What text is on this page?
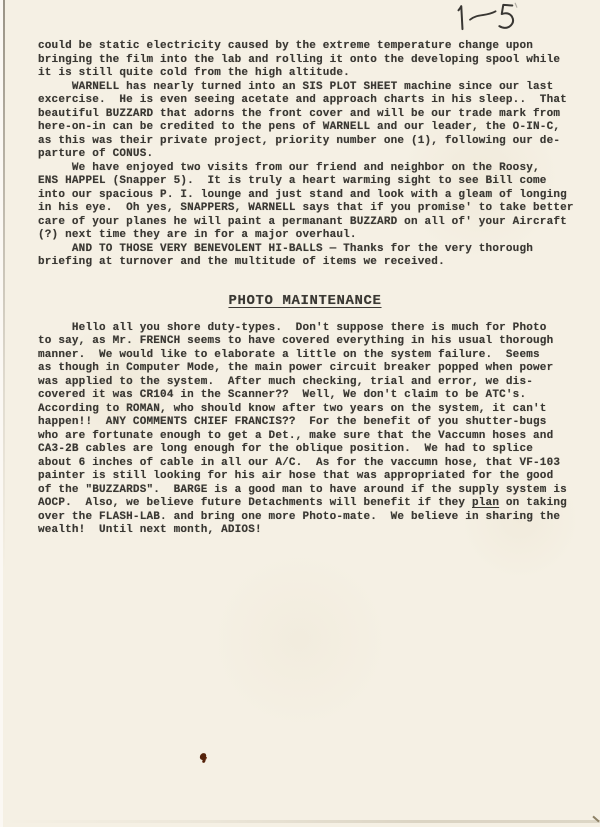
could be static electricity caused by the extreme temperature change upon
bringing the film into the lab and rolling it onto the developing spool while
it is still quite cold from the high altitude.
WARNELL has nearly turned into an SIS PLOT SHEET machine since our last
excercise.  He is even seeing acetate and approach charts in his sleep..  That
beautiful BUZZARD that adorns the front cover and will be our trade mark from
here-on-in can be credited to the pens of WARNELL and our leader, the O-IN-C,
as this was their private project, priority number one (1), following our de-
parture of CONUS.
We have enjoyed two visits from our friend and neighbor on the Roosy,
ENS HAPPEL (Snapper 5).  It is truly a heart warming sight to see Bill come
into our spacious P. I. lounge and just stand and look with a gleam of longing
in his eye.  Oh yes, SNAPPERS, WARNELL says that if you promise' to take better
care of your planes he will paint a permanant BUZZARD on all of' your Aircraft
(?) next time they are in for a major overhaul.
AND TO THOSE VERY BENEVOLENT HI-BALLS — Thanks for the very thorough
briefing at turnover and the multitude of items we received.
PHOTO MAINTENANCE
Hello all you shore duty-types.  Don't suppose there is much for Photo
to say, as Mr. FRENCH seems to have covered everything in his usual thorough
manner.  We would like to elaborate a little on the system failure.  Seems
as though in Computer Mode, the main power circuit breaker popped when power
was applied to the system.  After much checking, trial and error, we dis-
covered it was CR104 in the Scanner??  Well, We don't claim to be ATC's.
According to ROMAN, who should know after two years on the system, it can't
happen!!  ANY COMMENTS CHIEF FRANCIS??  For the benefit of you shutter-bugs
who are fortunate enough to get a Det., make sure that the Vaccumn hoses and
CA3-2B cables are long enough for the oblique position.  We had to splice
about 6 inches of cable in all our A/C.  As for the vaccumn hose, that VF-103
painter is still looking for his air hose that was appropriated for the good
of the "BUZZARDS".  BARGE is a good man to have around if the supply system is
AOCP.  Also, we believe future Detachments will benefit if they plan on taking
over the FLASH-LAB. and bring one more Photo-mate.  We believe in sharing the
wealth!  Until next month, ADIOS!
